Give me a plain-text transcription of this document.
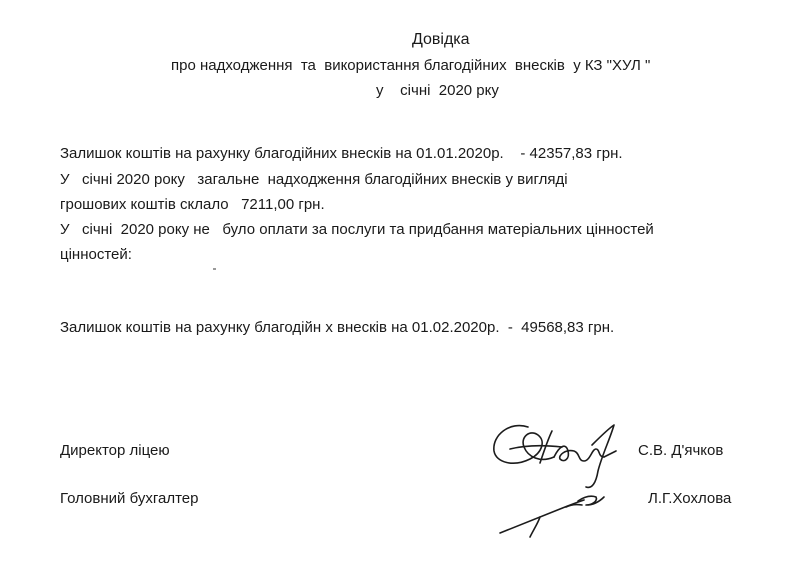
Довідка
про надходження  та  використання благодійних  внесків  у КЗ "ХУЛ "
у    січні  2020 рку
Залишок коштів на рахунку благодійних внесків на 01.01.2020р.    - 42357,83 грн.
У   січні 2020 року   загальне  надходження благодійних внесків у вигляді
грошових коштів склало   7211,00 грн.
У   січні  2020 року не   було оплати за послуги та придбання матеріальних цінностей
цінностей:
Залишок коштів на рахунку благодійн х внесків на 01.02.2020р.  -  49568,83 грн.
Директор ліцею	С.В. Д'ячков
Головний бухгалтер	Л.Г.Хохлова
